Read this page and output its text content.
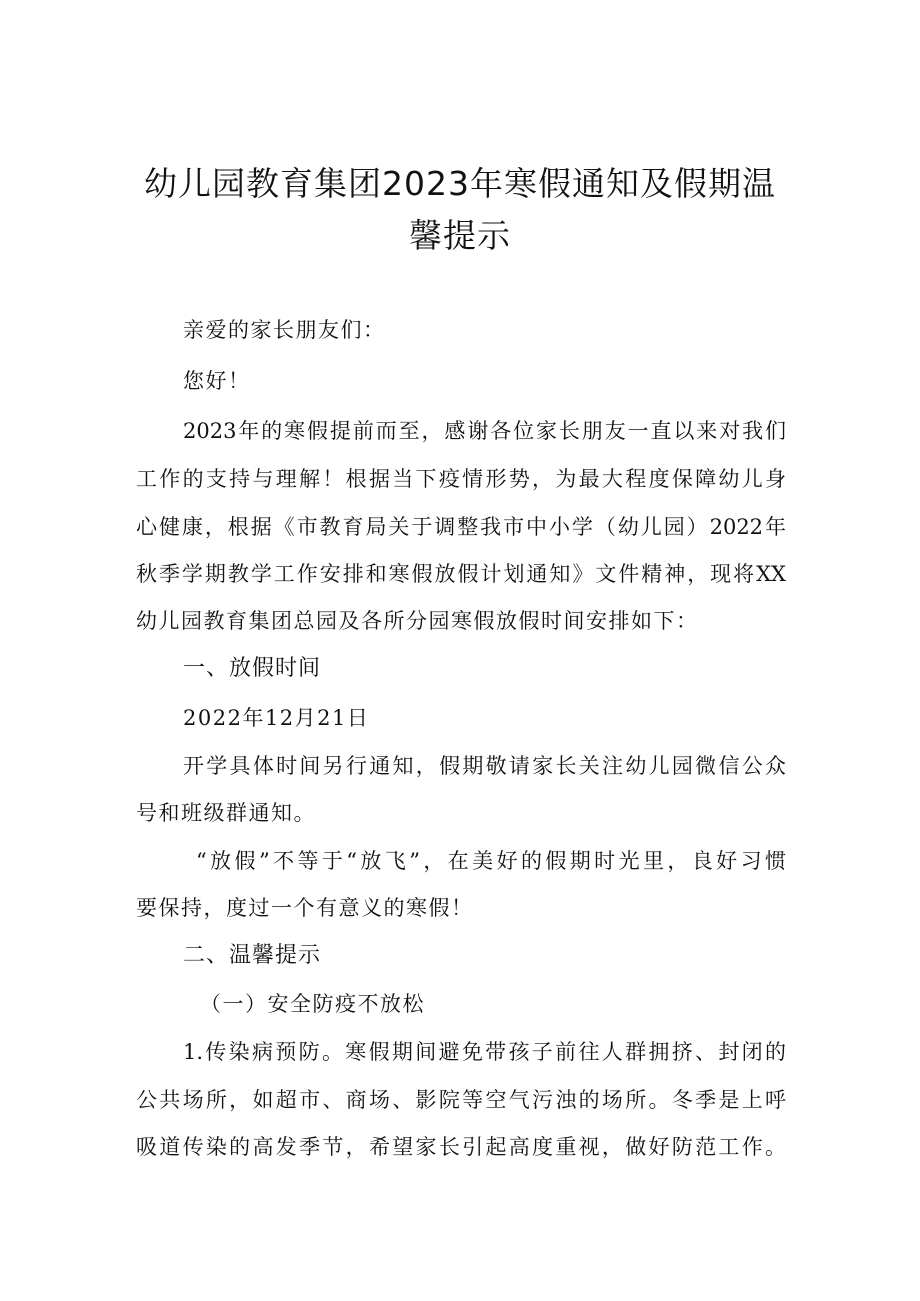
幼儿园教育集团2023年寒假通知及假期温
馨提示
亲爱的家长朋友们：
您好！
2023年的寒假提前而至，感谢各位家长朋友一直以来对我们
工作的支持与理解！根据当下疫情形势，为最大程度保障幼儿身
心健康，根据《市教育局关于调整我市中小学（幼儿园）2022年
秋季学期教学工作安排和寒假放假计划通知》文件精神，现将XX
幼儿园教育集团总园及各所分园寒假放假时间安排如下：
一、放假时间
2022年12月21日
开学具体时间另行通知，假期敬请家长关注幼儿园微信公众
号和班级群通知。
“放假”不等于“放飞”，在美好的假期时光里，良好习惯
要保持，度过一个有意义的寒假！
二、温馨提示
（一）安全防疫不放松
1.传染病预防。寒假期间避免带孩子前往人群拥挤、封闭的
公共场所，如超市、商场、影院等空气污浊的场所。冬季是上呼
吸道传染的高发季节，希望家长引起高度重视，做好防范工作。
